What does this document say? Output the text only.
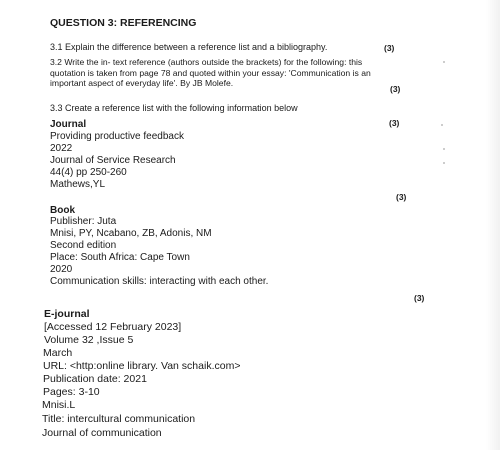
QUESTION 3: REFERENCING
3.1 Explain the difference between a reference list and a bibliography.	(3)
3.2 Write the in- text reference (authors outside the brackets) for the following: this
quotation is taken from page 78 and quoted within your essay: 'Communication is an
important aspect of everyday life'. By JB Molefe.
(3)
3.3 Create a reference list with the following information below
Journal	(3)
Providing productive feedback
2022
Journal of Service Research
44(4) pp 250-260
Mathews,YL
(3)
Book
Publisher: Juta
Mnisi, PY, Ncabano, ZB, Adonis, NM
Second edition
Place: South Africa: Cape Town
2020
Communication skills: interacting with each other.
(3)
E-journal
[Accessed 12 February 2023]
Volume 32 ,Issue 5
March
URL: <http:online library. Van schaik.com>
Publication date: 2021
Pages: 3-10
Mnisi.L
Title: intercultural communication
Journal of communication
